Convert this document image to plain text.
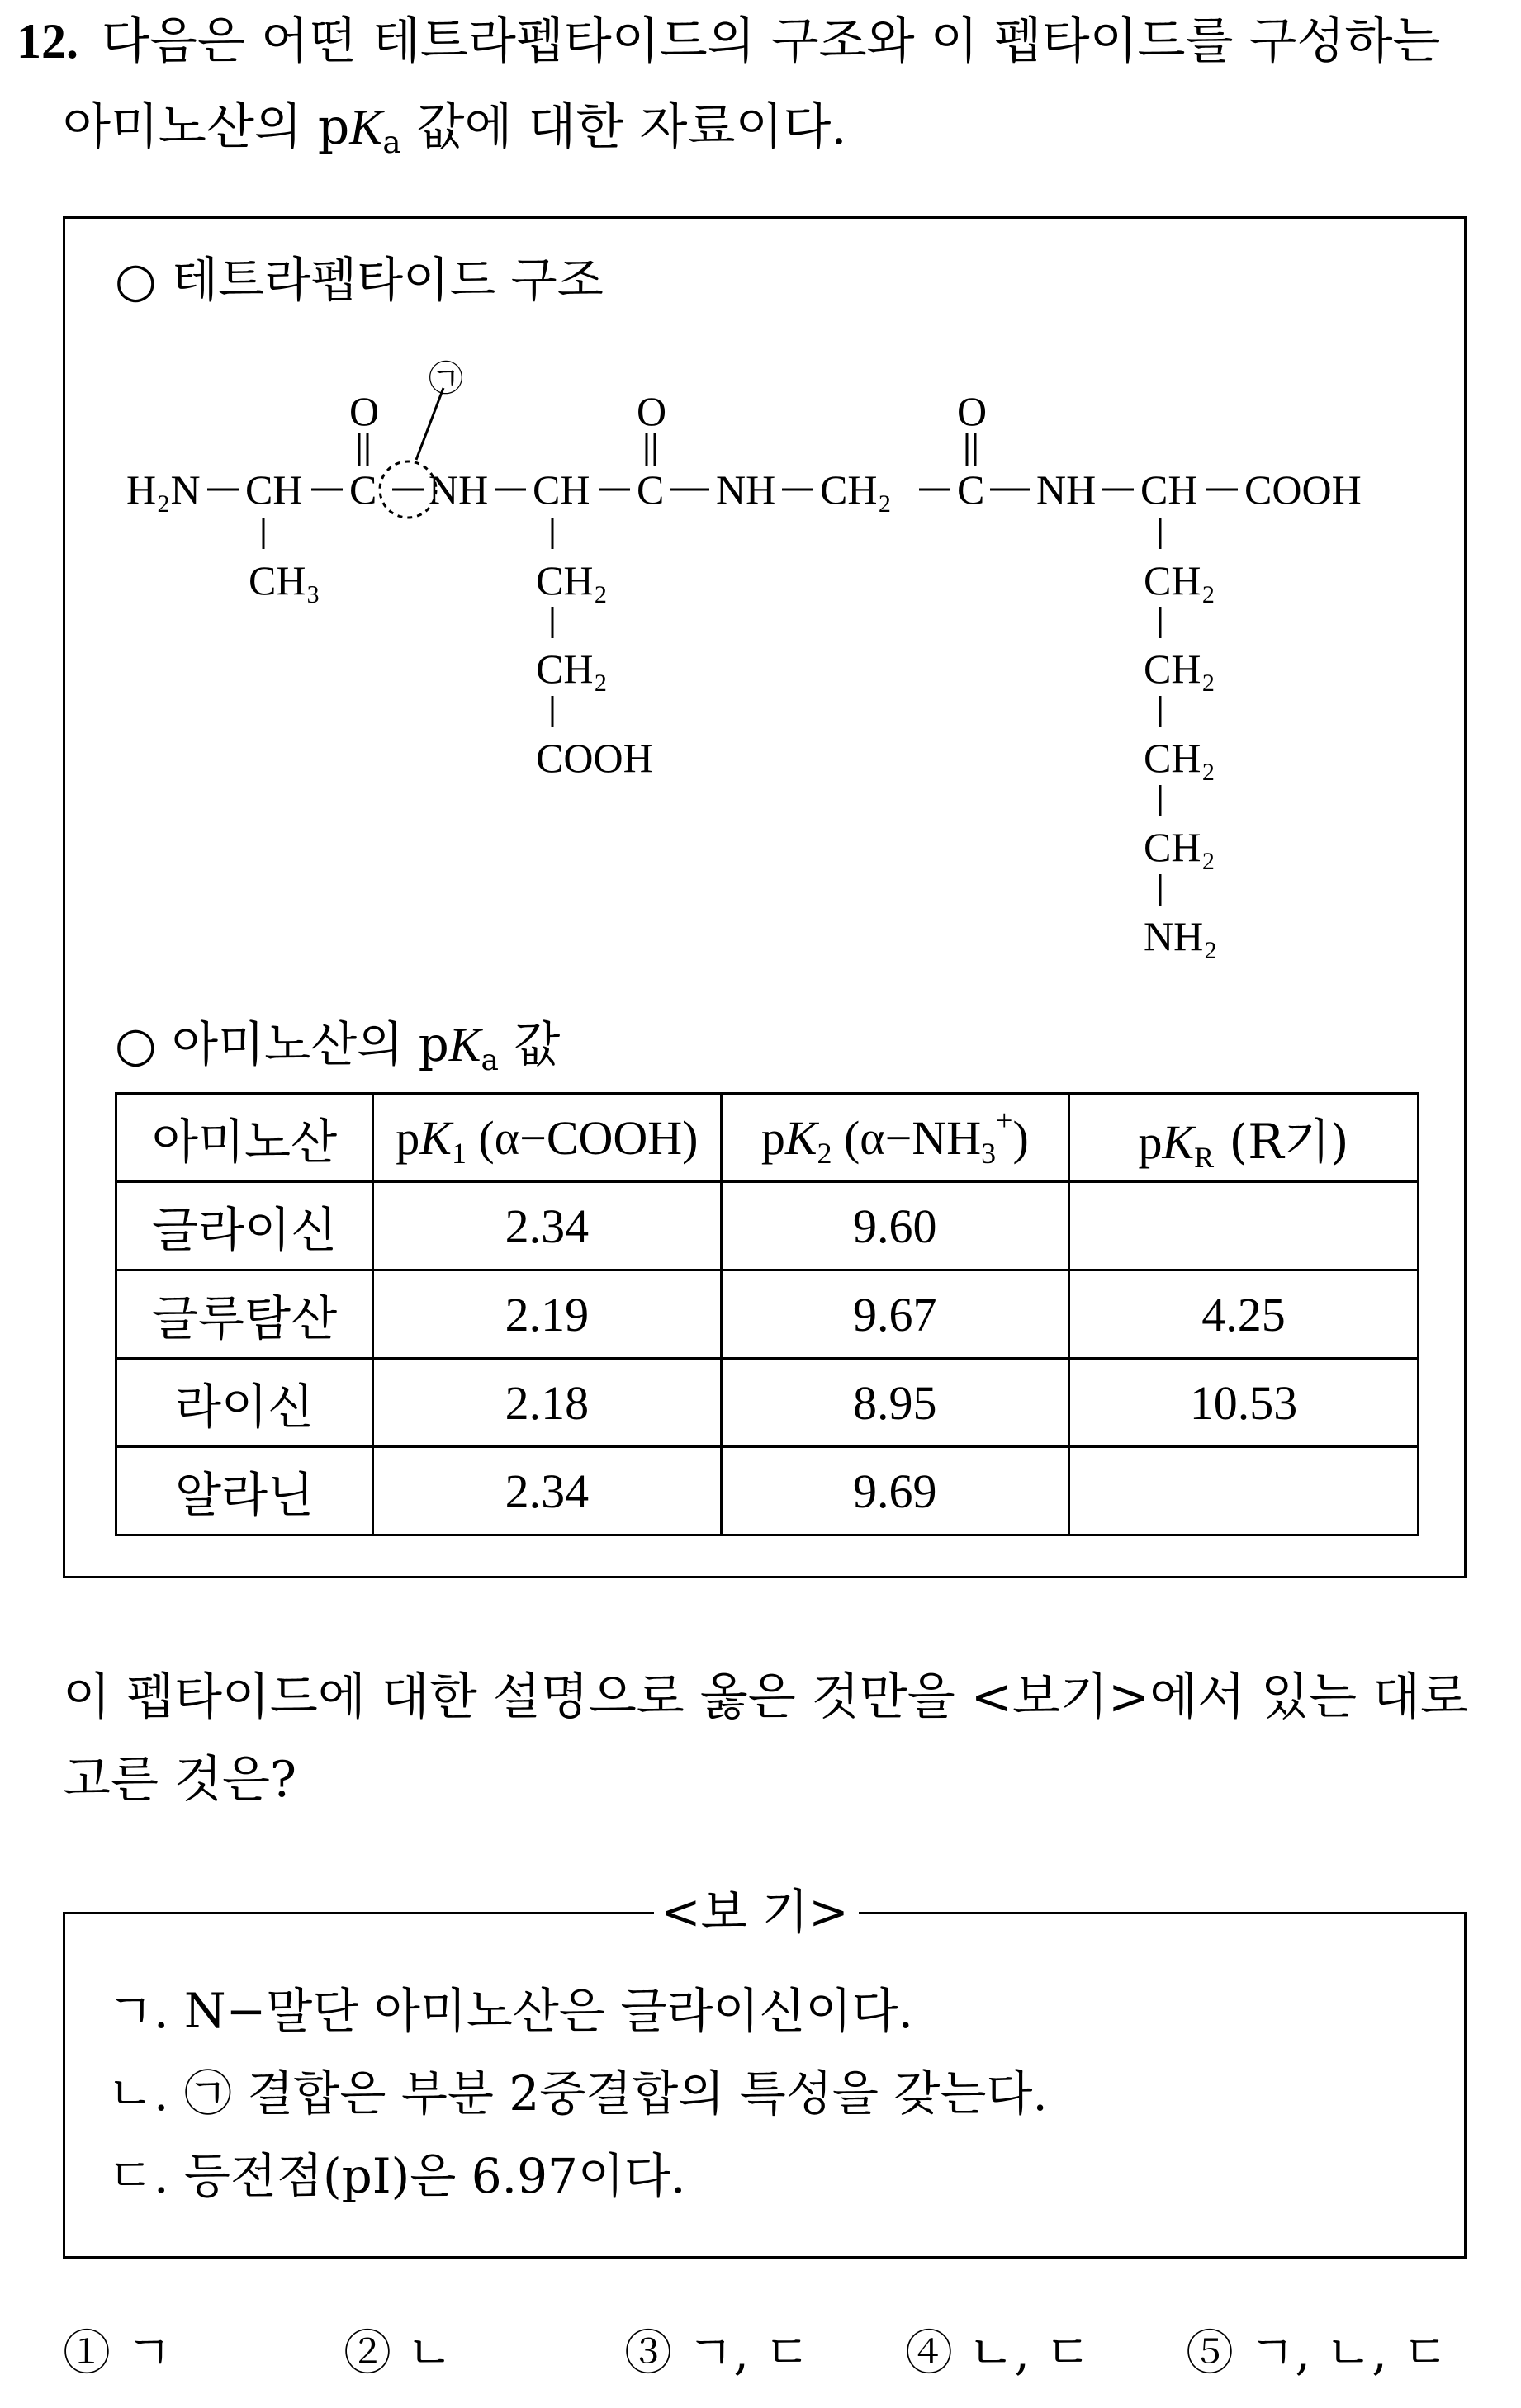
12. 다음은 어떤 테트라펩타이드의 구조와 이 펩타이드를 구성하는
아미노산의 $pK_a$ 값에 대한 자료이다.
○ 테트라펩타이드 구조
H₂N CH C
㉠
NH CH C NH CH₂ C NH CH COOH
O	O	O
CH₃	CH₂
CH₂
COOH
CH₂
CH₂
CH₂
CH₂
NH₂
○ 아미노산의 $pK_a$ 값
아미노산	$pK_1$ (α−COOH)	$pK_2$ $(\alpha-NH_3^+)$	$pK_R$ (R기)
글라이신	2.34	9.60	
글루탐산	2.19	9.67	4.25
라이신	2.18	8.95	10.53
알라닌	2.34	9.69	
이 펩타이드에 대한 설명으로 옳은 것만을 <보기>에서 있는 대로
고른 것은?
<보 기>
ㄱ. N−말단 아미노산은 글라이신이다.
ㄴ. ㉠ 결합은 부분 2중결합의 특성을 갖는다.
ㄷ. 등전점(pI)은 6.97이다.
① ㄱ	② ㄴ	③ ㄱ, ㄷ ④ ㄴ, ㄷ ⑤ ㄱ, ㄴ, ㄷ
